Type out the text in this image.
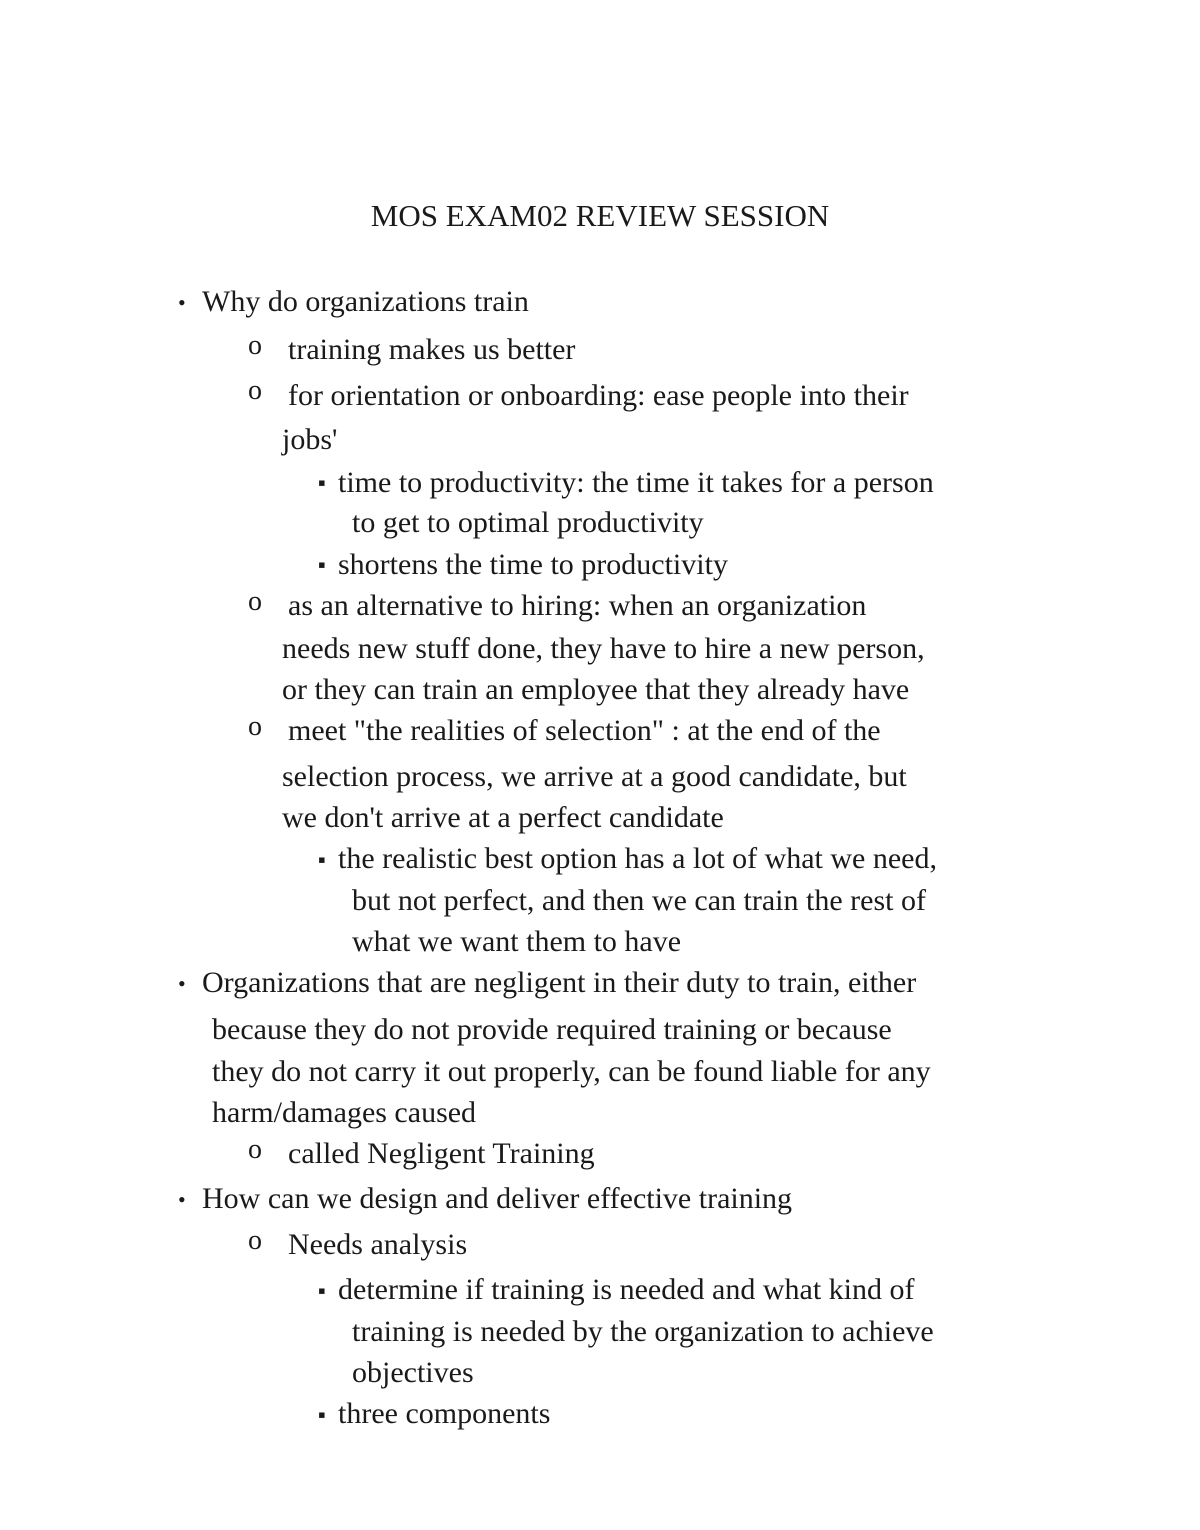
MOS EXAM02 REVIEW SESSION
• Why do organizations train
o training makes us better
o for orientation or onboarding: ease people into their
jobs'
▪ time to productivity: the time it takes for a person
to get to optimal productivity
▪ shortens the time to productivity
o as an alternative to hiring: when an organization
needs new stuff done, they have to hire a new person,
or they can train an employee that they already have
o meet "the realities of selection" : at the end of the
selection process, we arrive at a good candidate, but
we don't arrive at a perfect candidate
▪ the realistic best option has a lot of what we need,
but not perfect, and then we can train the rest of
what we want them to have
• Organizations that are negligent in their duty to train, either
because they do not provide required training or because
they do not carry it out properly, can be found liable for any
harm/damages caused
o called Negligent Training
• How can we design and deliver effective training
o Needs analysis
▪ determine if training is needed and what kind of
training is needed by the organization to achieve
objectives
▪ three components
